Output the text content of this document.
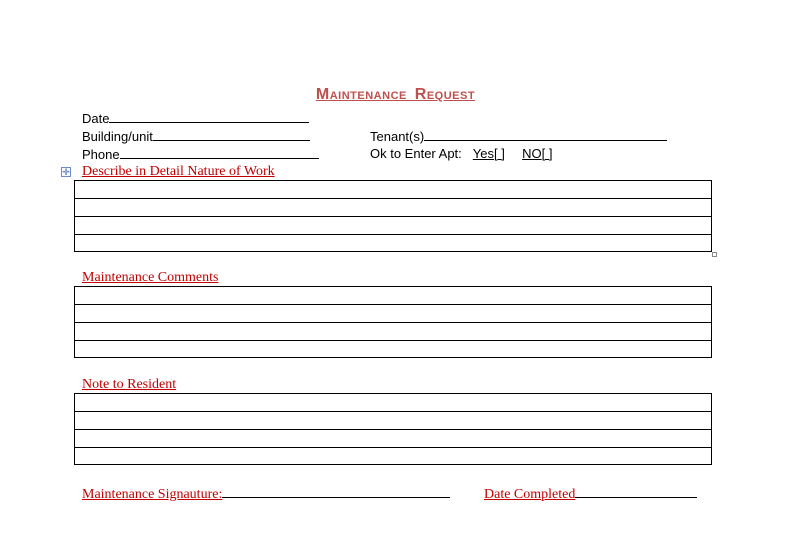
Maintenance Request
Date
Building/unit
Phone
Tenant(s)
Ok to Enter Apt: Yes[ ] NO[ ]
✛ Describe in Detail Nature of Work
Maintenance Comments
Note to Resident
Maintenance Signauture:	Date Completed
